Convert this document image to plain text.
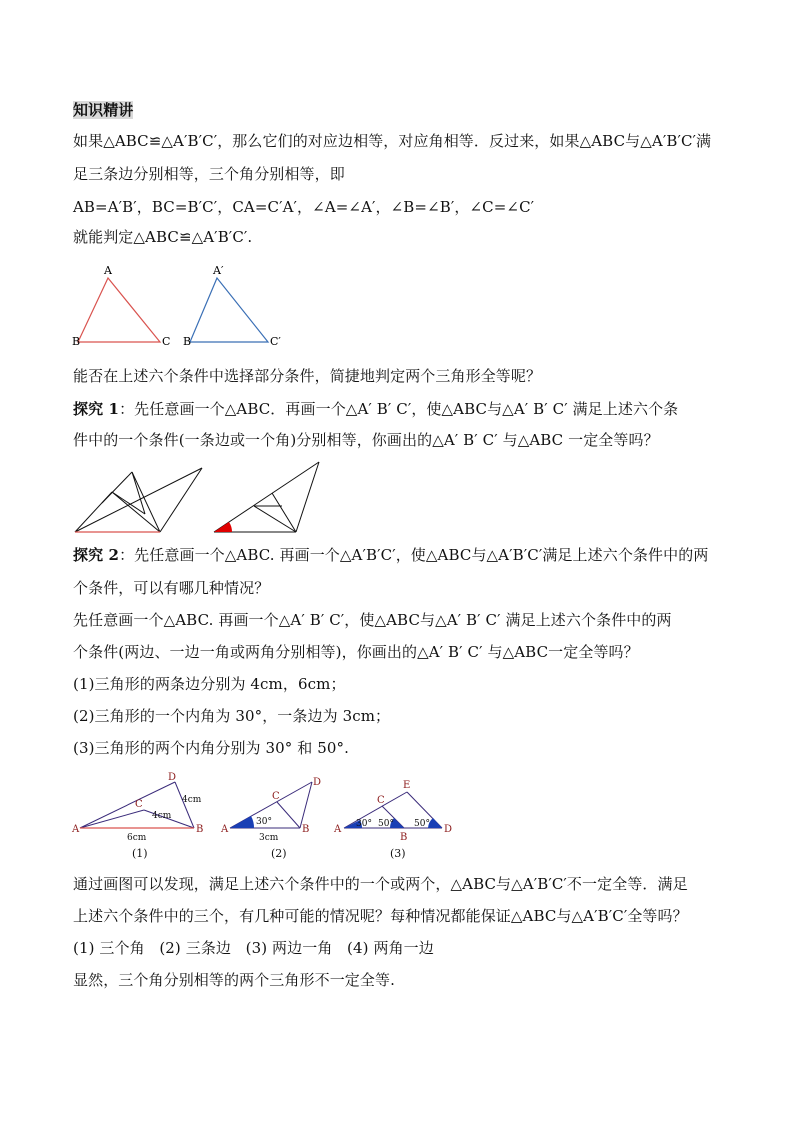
知识精讲
如果△ABC≌△A′B′C′，那么它们的对应边相等，对应角相等．反过来，如果△ABC与△A′B′C′满
足三条边分别相等，三个角分别相等，即
AB=A′B′，BC=B′C′，CA=C′A′，∠A=∠A′，∠B=∠B′，∠C=∠C′
就能判定△ABC≌△A′B′C′.
A
B	C
A′
B	C′
能否在上述六个条件中选择部分条件，简捷地判定两个三角形全等呢？
探究 1：先任意画一个△ABC．再画一个△A′ B′ C′，使△ABC与△A′ B′ C′ 满足上述六个条
件中的一个条件(一条边或一个角)分别相等，你画出的△A′ B′ C′ 与△ABC 一定全等吗？
探究 2：先任意画一个△ABC. 再画一个△A′B′C′，使△ABC与△A′B′C′满足上述六个条件中的两
个条件，可以有哪几种情况？
先任意画一个△ABC. 再画一个△A′ B′ C′，使△ABC与△A′ B′ C′ 满足上述六个条件中的两
个条件(两边、一边一角或两角分别相等)，你画出的△A′ B′ C′ 与△ABC一定全等吗？
(1)三角形的两条边分别为 4cm，6cm；
(2)三角形的一个内角为 30°，一条边为 3cm；
(3)三角形的两个内角分别为 30° 和 50°.
D
4cm
C
4cm
A	B
6cm
(1)
D
C
30°
A	B
3cm
(2)
E
C
30° 50° 50°
A	D
B
(3)
通过画图可以发现，满足上述六个条件中的一个或两个，△ABC与△A′B′C′不一定全等．满足
上述六个条件中的三个，有几种可能的情况呢？每种情况都能保证△ABC与△A′B′C′全等吗？
(1) 三个角   (2) 三条边   (3) 两边一角   (4) 两角一边
显然，三个角分别相等的两个三角形不一定全等.
